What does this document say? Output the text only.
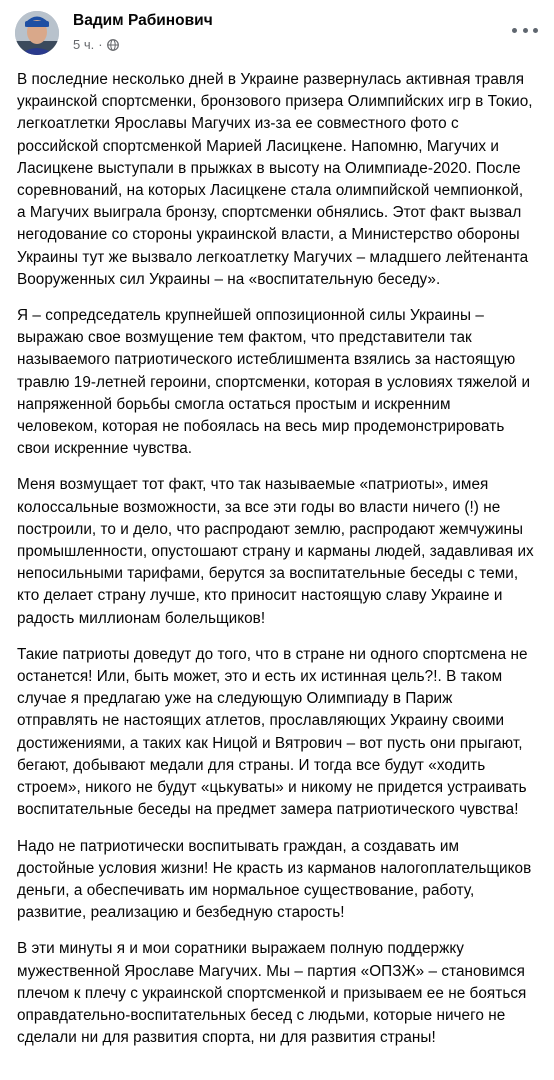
Вадим Рабинович
5 ч. ·

В последние несколько дней в Украине развернулась активная травля украинской спортсменки, бронзового призера Олимпийских игр в Токио, легкоатлетки Ярославы Магучих из-за ее совместного фото с российской спортсменкой Марией Ласицкене. Напомню, Магучих и Ласицкене выступали в прыжках в высоту на Олимпиаде-2020. После соревнований, на которых Ласицкене стала олимпийской чемпионкой, а Магучих выиграла бронзу, спортсменки обнялись. Этот факт вызвал негодование со стороны украинской власти, а Министерство обороны Украины тут же вызвало легкоатлетку Магучих – младшего лейтенанта Вооруженных сил Украины – на «воспитательную беседу».

Я – сопредседатель крупнейшей оппозиционной силы Украины – выражаю свое возмущение тем фактом, что представители так называемого патриотического истеблишмента взялись за настоящую травлю 19-летней героини, спортсменки, которая в условиях тяжелой и напряженной борьбы смогла остаться простым и искренним человеком, которая не побоялась на весь мир продемонстрировать свои искренние чувства.

Меня возмущает тот факт, что так называемые «патриоты», имея колоссальные возможности, за все эти годы во власти ничего (!) не построили, то и дело, что распродают землю, распродают жемчужины промышленности, опустошают страну и карманы людей, задавливая их непосильными тарифами, берутся за воспитательные беседы с теми, кто делает страну лучше, кто приносит настоящую славу Украине и радость миллионам болельщиков!

Такие патриоты доведут до того, что в стране ни одного спортсмена не останется! Или, быть может, это и есть их истинная цель?!. В таком случае я предлагаю уже на следующую Олимпиаду в Париж отправлять не настоящих атлетов, прославляющих Украину своими достижениями, а таких как Ницой и Вятрович – вот пусть они прыгают, бегают, добывают медали для страны. И тогда все будут «ходить строем», никого не будут «цькуваты» и никому не придется устраивать воспитательные беседы на предмет замера патриотического чувства!

Надо не патриотически воспитывать граждан, а создавать им достойные условия жизни! Не красть из карманов налогоплательщиков деньги, а обеспечивать им нормальное существование, работу, развитие, реализацию и безбедную старость!

В эти минуты я и мои соратники выражаем полную поддержку мужественной Ярославе Магучих. Мы – партия «ОПЗЖ» – становимся плечом к плечу с украинской спортсменкой и призываем ее не бояться оправдательно-воспитательных бесед с людьми, которые ничего не сделали ни для развития спорта, ни для развития страны!
